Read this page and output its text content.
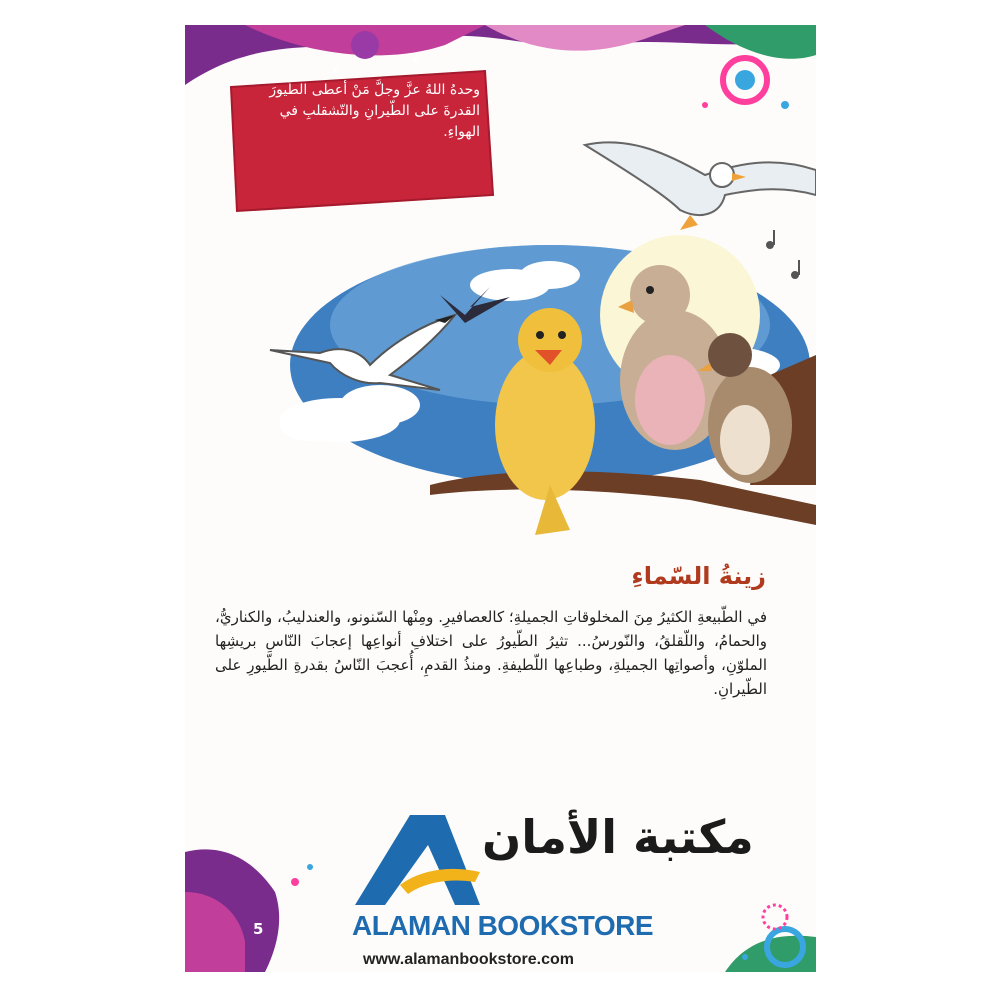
وحدهُ اللهُ عزَّ وجلَّ مَنْ أعطى الطّيورَ القدرةَ على الطّيرانِ والتّشقلبِ في الهواءِ.
زينةُ السّماءِ
في الطّبيعةِ الكثيرُ مِنَ المخلوقاتِ الجميلةِ؛ كالعصافيرِ. ومِنْها السّنونو، والعندليبُ، والكناريُّ، والحمامُ، واللّقلقُ، والنّورسُ... تثيرُ الطّيورُ على اختلافِ أنواعِها إعجابَ النّاسِ بريشِها الملوّنِ، وأصواتِها الجميلةِ، وطباعِها اللّطيفةِ. ومنذُ القدمِ، أُعجبَ النّاسُ بقدرةِ الطّيورِ على الطّيرانِ.
5
مكتبة الأمان
ALAMAN BOOKSTORE
www.alamanbookstore.com
